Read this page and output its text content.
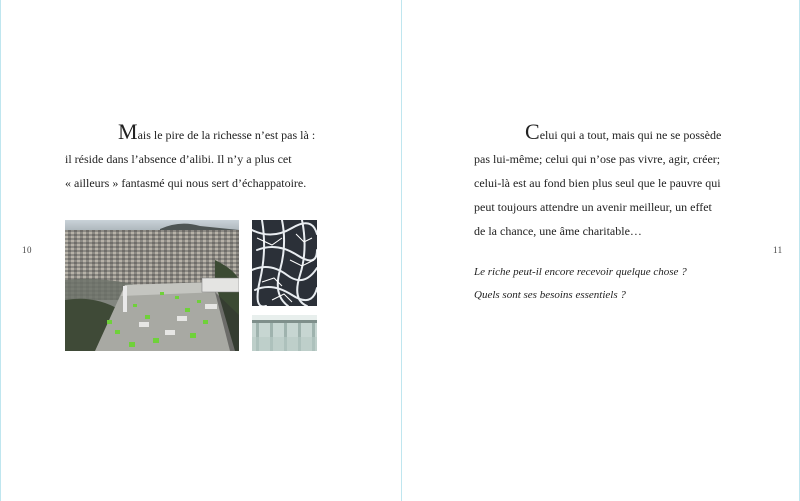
10	11
Mais le pire de la richesse n’est pas là :
il réside dans l’absence d’alibi. Il n’y a plus cet
« ailleurs » fantasmé qui nous sert d’échappatoire.
Celui qui a tout, mais qui ne se possède
pas lui-même; celui qui n’ose pas vivre, agir, créer;
celui-là est au fond bien plus seul que le pauvre qui
peut toujours attendre un avenir meilleur, un effet
de la chance, une âme charitable…
Le riche peut-il encore recevoir quelque chose ?
Quels sont ses besoins essentiels ?
